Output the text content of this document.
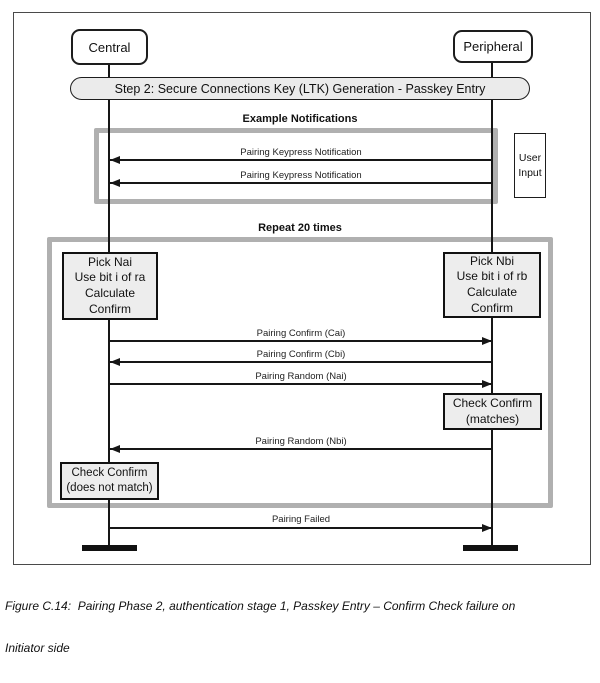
Central	Peripheral
Step 2: Secure Connections Key (LTK) Generation - Passkey Entry
Example Notifications
Repeat 20 times
Pairing Keypress Notification
Pairing Keypress Notification
User
Input
Pick Nai
Use bit i of ra
Calculate
Confirm
Pick Nbi
Use bit i of rb
Calculate
Confirm
Pairing Confirm (Cai)
Pairing Confirm (Cbi)
Pairing Random (Nai)
Check Confirm
(matches)
Pairing Random (Nbi)
Check Confirm
(does not match)
Pairing Failed

Figure C.14:  Pairing Phase 2, authentication stage 1, Passkey Entry – Confirm Check failure on

Initiator side
